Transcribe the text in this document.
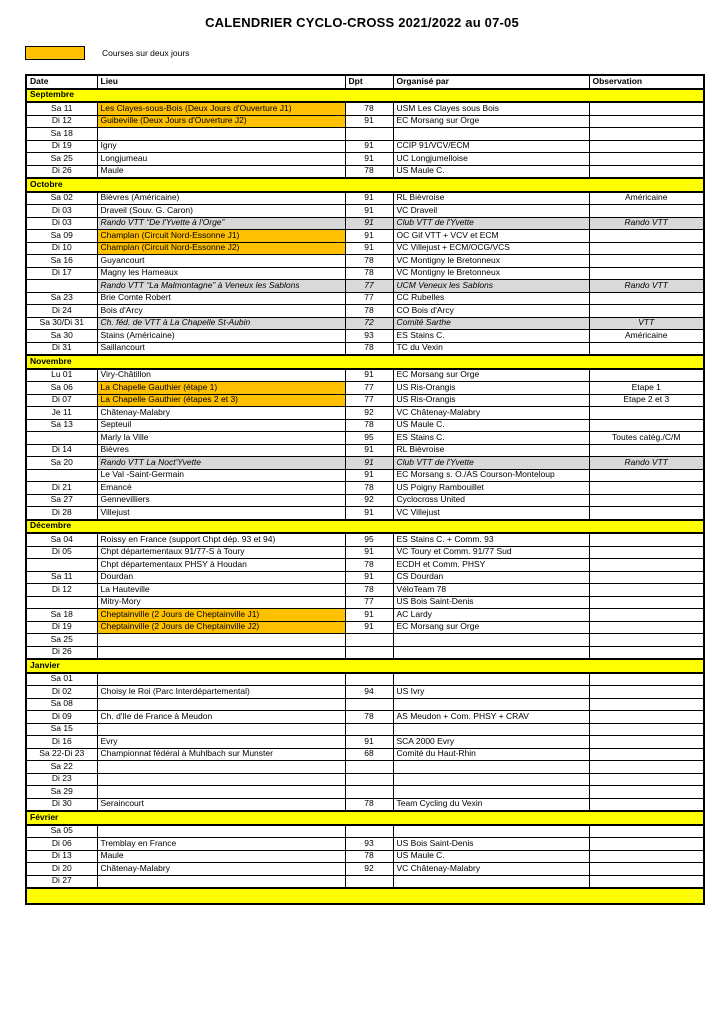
CALENDRIER CYCLO-CROSS 2021/2022 au 07-05
Courses sur deux jours
Date	Lieu	Dpt	Organisé par	Observation
Septembre				
Sa 11	Les Clayes-sous-Bois (Deux Jours d'Ouverture J1)	78	USM Les Clayes sous Bois	
Di 12	Guibeville (Deux Jours d'Ouverture J2)	91	EC Morsang sur Orge	
Sa 18				
Di 19	Igny	91	CCIP 91/VCV/ECM	
Sa 25	Longjumeau	91	UC Longjumelloise	
Di 26	Maule	78	US Maule C.	
Octobre				
Sa 02	Bièvres (Américaine)	91	RL Bièvroise	Américaine
Di 03	Draveil (Souv. G. Caron)	91	VC Draveil	
Di 03	Rando VTT “De l'Yvette à l'Orge”	91	Club VTT de l'Yvette	Rando VTT
Sa 09	Champlan (Circuit Nord-Essonne J1)	91	OC Gif VTT + VCV et ECM	
Di 10	Champlan (Circuit Nord-Essonne J2)	91	VC Villejust + ECM/OCG/VCS	
Sa 16	Guyancourt	78	VC Montigny le Bretonneux	
Di 17	Magny les Hameaux	78	VC Montigny le Bretonneux	
	Rando VTT “La Malmontagne” à Veneux les Sablons	77	UCM Veneux les Sablons	Rando VTT
Sa 23	Brie Comte Robert	77	CC Rubelles	
Di 24	Bois d'Arcy	78	CO Bois d'Arcy	
Sa 30/Di 31	Ch. féd. de VTT à La Chapelle St-Aubin	72	Comité Sarthe	VTT
Sa 30	Stains (Américaine)	93	ES Stains C.	Américaine
Di 31	Saillancourt	78	TC du Vexin	
Novembre				
Lu 01	Viry-Châtillon	91	EC Morsang sur Orge	
Sa 06	La Chapelle Gauthier (étape 1)	77	US Ris-Orangis	Etape 1
Di 07	La Chapelle Gauthier (étapes 2 et 3)	77	US Ris-Orangis	Etape 2 et 3
Je 11	Châtenay-Malabry	92	VC Châtenay-Malabry	
Sa 13	Septeuil	78	US Maule C.	
	Marly la Ville	95	ES Stains C.	Toutes catég./C/M
Di 14	Bièvres	91	RL Bièvroise	
Sa 20	Rando VTT La Noct'Yvette	91	Club VTT de l'Yvette	Rando VTT
	Le Val -Saint-Germain	91	EC Morsang s. O./AS Courson-Monteloup	
Di 21	Emancé	78	US Poigny Rambouillet	
Sa 27	Gennevilliers	92	Cyclocross United	
Di 28	Villejust	91	VC Villejust	
Décembre				
Sa 04	Roissy en France (support Chpt dép. 93 et 94)	95	ES Stains C. + Comm. 93	
Di 05	Chpt départementaux 91/77-S à Toury	91	VC Toury et Comm. 91/77 Sud	
	Chpt départementaux PHSY à Houdan	78	ECDH et Comm. PHSY	
Sa 11	Dourdan	91	CS Dourdan	
Di 12	La Hauteville	78	VéloTeam 78	
	Mitry-Mory	77	US Bois Saint-Denis	
Sa 18	Cheptainville (2 Jours de Cheptainville J1)	91	AC Lardy	
Di 19	Cheptainville (2 Jours de Cheptainville J2)	91	EC Morsang sur Orge	
Sa 25				
Di 26				
Janvier				
Sa 01				
Di 02	Choisy le Roi (Parc Interdépartemental)	94	US Ivry	
Sa 08				
Di 09	Ch. d'Ile de France à Meudon	78	AS Meudon + Com. PHSY + CRAV	
Sa 15				
Di 16	Evry	91	SCA 2000 Evry	
Sa 22-Di 23	Championnat fédéral à Muhlbach sur Munster	68	Comité du Haut-Rhin	
Sa 22				
Di 23				
Sa 29				
Di 30	Seraincourt	78	Team Cycling du Vexin	
Février				
Sa 05				
Di 06	Tremblay en France	93	US Bois Saint-Denis	
Di 13	Maule	78	US Maule C.	
Di 20	Châtenay-Malabry	92	VC Châtenay-Malabry	
Di 27				
